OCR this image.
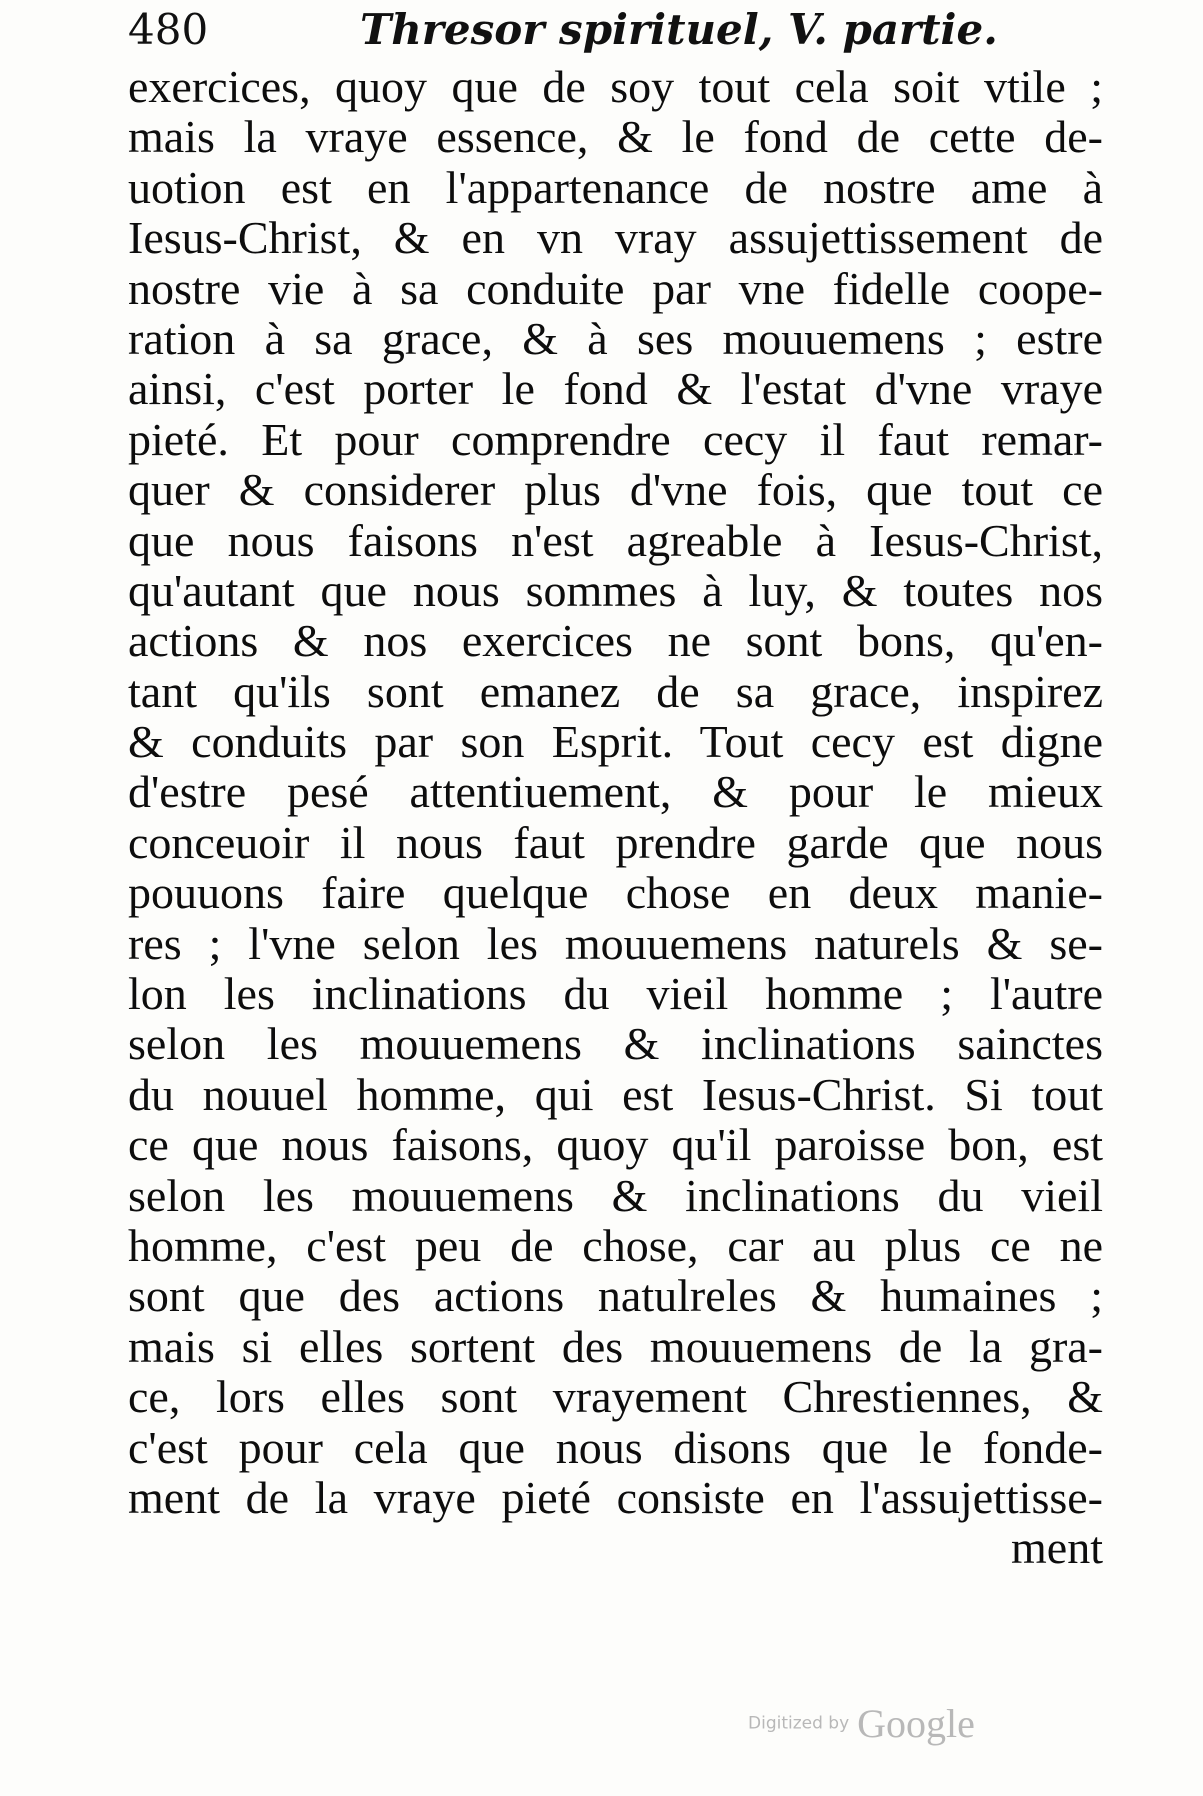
480	Thresor spirituel, V. partie.
exercices, quoy que de soy tout cela soit vtile ;
mais la vraye essence, & le fond de cette de-
uotion est en l'appartenance de nostre ame à
Iesus-Christ, & en vn vray assujettissement de
nostre vie à sa conduite par vne fidelle coope-
ration à sa grace, & à ses mouuemens ; estre
ainsi, c'est porter le fond & l'estat d'vne vraye
pieté. Et pour comprendre cecy il faut remar-
quer & considerer plus d'vne fois, que tout ce
que nous faisons n'est agreable à Iesus-Christ,
qu'autant que nous sommes à luy, & toutes nos
actions & nos exercices ne sont bons, qu'en-
tant qu'ils sont emanez de sa grace, inspirez
& conduits par son Esprit. Tout cecy est digne
d'estre pesé attentiuement, & pour le mieux
conceuoir il nous faut prendre garde que nous
pouuons faire quelque chose en deux manie-
res ; l'vne selon les mouuemens naturels & se-
lon les inclinations du vieil homme ; l'autre
selon les mouuemens & inclinations sainctes
du nouuel homme, qui est Iesus-Christ. Si tout
ce que nous faisons, quoy qu'il paroisse bon, est
selon les mouuemens & inclinations du vieil
homme, c'est peu de chose, car au plus ce ne
sont que des actions natulreles & humaines ;
mais si elles sortent des mouuemens de la gra-
ce, lors elles sont vrayement Chrestiennes, &
c'est pour cela que nous disons que le fonde-
ment de la vraye pieté consiste en l'assujettisse-
ment
Digitized by Google
